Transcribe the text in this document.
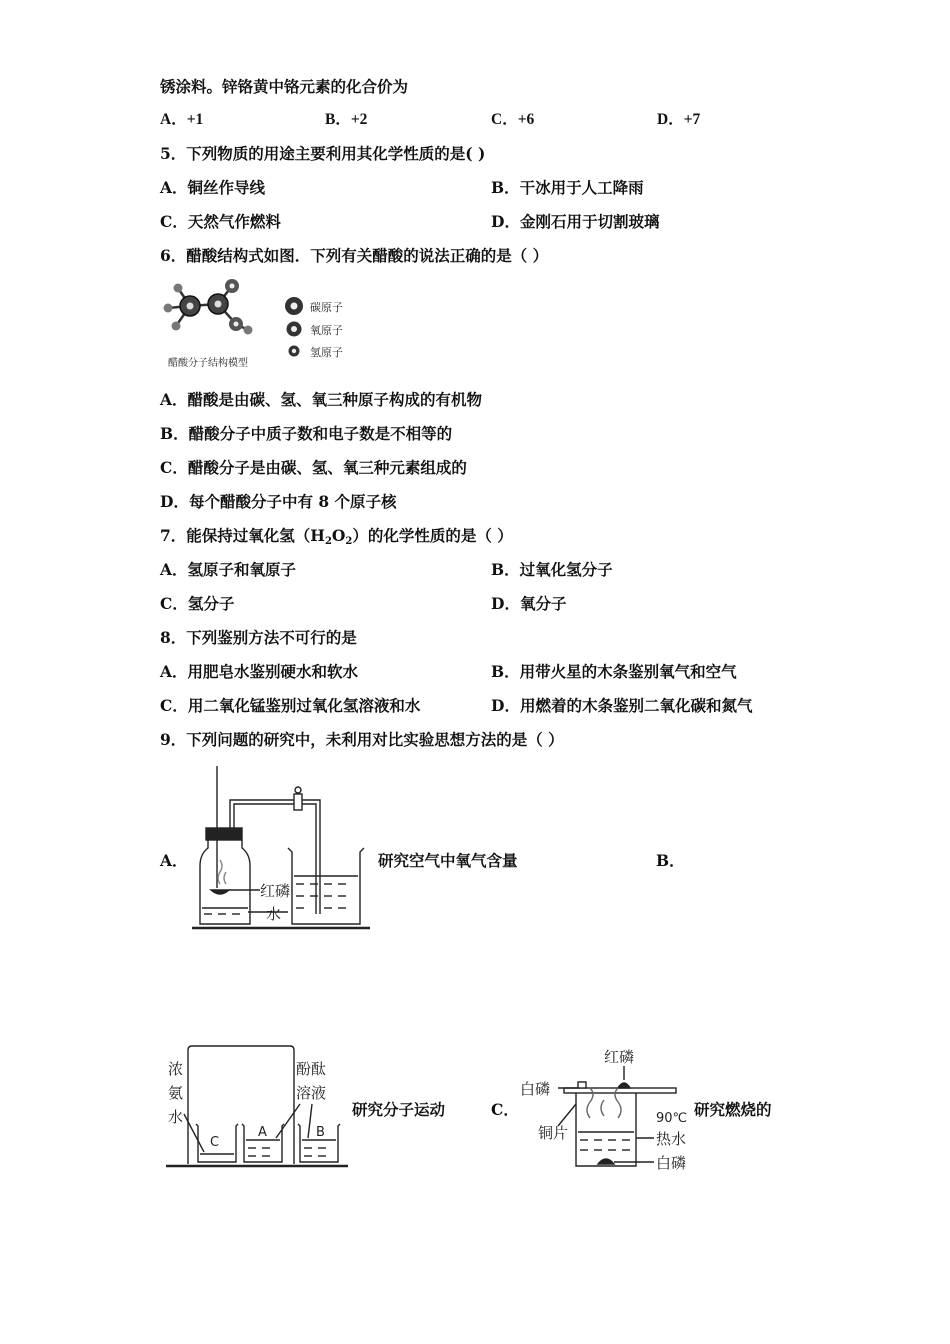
锈涂料。锌铬黄中铬元素的化合价为
A．+1	B．+2	C．+6	D．+7
5．下列物质的用途主要利用其化学性质的是( )
A．铜丝作导线	B．干冰用于人工降雨
C．天然气作燃料	D．金刚石用于切割玻璃
6．醋酸结构式如图．下列有关醋酸的说法正确的是（ ）
醋酸分子结构模型
碳原子
氧原子
氢原子
A．醋酸是由碳、氢、氧三种原子构成的有机物
B．醋酸分子中质子数和电子数是不相等的
C．醋酸分子是由碳、氢、氧三种元素组成的
D．每个醋酸分子中有 8 个原子核
7．能保持过氧化氢$(H_2O_2)$的化学性质的是（ ）
A．氢原子和氧原子	B．过氧化氢分子
C．氢分子	D．氧分子
8．下列鉴别方法不可行的是
A．用肥皂水鉴别硬水和软水	B．用带火星的木条鉴别氧气和空气
C．用二氧化锰鉴别过氧化氢溶液和水	D．用燃着的木条鉴别二氧化碳和氮气
9．下列问题的研究中，未利用对比实验思想方法的是（ ）
A．
红磷
水
研究空气中氧气含量	B．
浓
氨
水
酚酞
溶液
C
A	B
研究分子运动	C．
红磷
白磷
铜片
90℃
热水
白磷
研究燃烧的
